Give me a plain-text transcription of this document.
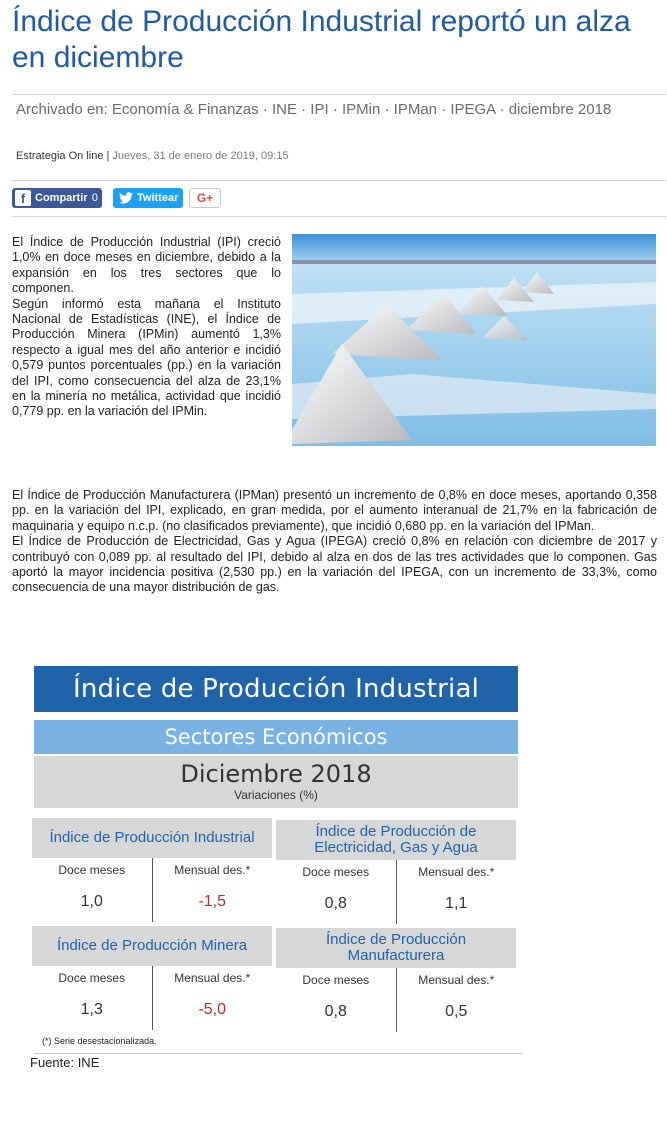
Índice de Producción Industrial reportó un alza en diciembre
Archivado en: Economía & Finanzas · INE · IPI · IPMin · IPMan · IPEGA · diciembre 2018
Estrategia On line | Jueves, 31 de enero de 2019, 09:15
f Compartir 0	Twittear G+

El Índice de Producción Industrial (IPI) creció 1,0% en doce meses en diciembre, debido a la expansión en los tres sectores que lo componen.

Según informó esta mañana el Instituto Nacional de Estadísticas (INE), el Índice de Producción Minera (IPMin) aumentó 1,3% respecto a igual mes del año anterior e incidió 0,579 puntos porcentuales (pp.) en la variación del IPI, como consecuencia del alza de 23,1% en la minería no metálica, actividad que incidió 0,779 pp. en la variación del IPMin.

El Índice de Producción Manufacturera (IPMan) presentó un incremento de 0,8% en doce meses, aportando 0,358 pp. en la variación del IPI, explicado, en gran medida, por el aumento interanual de 21,7% en la fabricación de maquinaria y equipo n.c.p. (no clasificados previamente), que incidió 0,680 pp. en la variación del IPMan.

El Índice de Producción de Electricidad, Gas y Agua (IPEGA) creció 0,8% en relación con diciembre de 2017 y contribuyó con 0,089 pp. al resultado del IPI, debido al alza en dos de las tres actividades que lo componen. Gas aportó la mayor incidencia positiva (2,530 pp.) en la variación del IPEGA, con un incremento de 33,3%, como consecuencia de una mayor distribución de gas.

Índice de Producción Industrial
Sectores Económicos
Diciembre 2018
Variaciones (%)
Índice de Producción Industrial
Doce meses	Mensual des.*
1,0	-1,5
Índice de Producción de Electricidad, Gas y Agua
Doce meses	Mensual des.*
0,8	1,1
Índice de Producción Minera
Doce meses	Mensual des.*
1,3	-5,0
Índice de Producción Manufacturera
Doce meses	Mensual des.*
0,8	0,5
(*) Serie desestacionalizada.
Fuente: INE
